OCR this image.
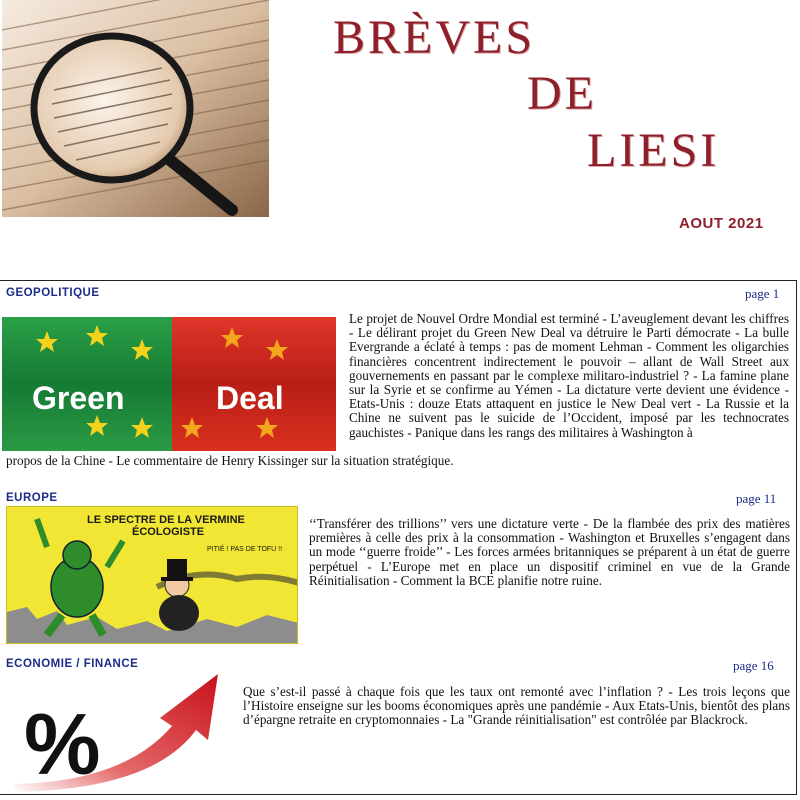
BRÈVES
DE
LIESI
AOUT 2021
GEOPOLITIQUE	page 1
Green	Deal
Le projet de Nouvel Ordre Mondial est terminé - L’aveuglement devant les chiffres - Le délirant projet du Green New Deal va détruire le Parti démocrate - La bulle Evergrande a éclaté à temps : pas de moment Lehman - Comment les oligarchies financières concentrent indirectement le pouvoir – allant de Wall Street aux gouvernements en passant par le complexe militaro-industriel ? - La famine plane sur la Syrie et se confirme au Yémen - La dictature verte devient une évidence - Etats-Unis : douze Etats attaquent en justice le New Deal vert - La Russie et la Chine ne suivent pas le suicide de l’Occident, imposé par les technocrates gauchistes - Panique dans les rangs des militaires à Washington à
propos de la Chine - Le commentaire de Henry Kissinger sur la situation stratégique.
EUROPE	page 11
LE SPECTRE DE LA VERMINE
ÉCOLOGISTE
PITIÉ ! PAS DE TOFU !!
‘‘Transférer des trillions’’ vers une dictature verte - De la flambée des prix des matières premières à celle des prix à la consommation - Washington et Bruxelles s’engagent dans un mode ‘‘guerre froide’’ - Les forces armées britanniques se préparent à un état de guerre perpétuel - L’Europe met en place un dispositif criminel en vue de la Grande Réinitialisation - Comment la BCE planifie notre ruine.
ECONOMIE / FINANCE	page 16
%
Que s’est-il passé à chaque fois que les taux ont remonté avec l’inflation ? - Les trois leçons que l’Histoire enseigne sur les booms économiques après une pandémie - Aux Etats-Unis, bientôt des plans d’épargne retraite en cryptomonnaies - La "Grande réinitialisation" est contrôlée par Blackrock.
